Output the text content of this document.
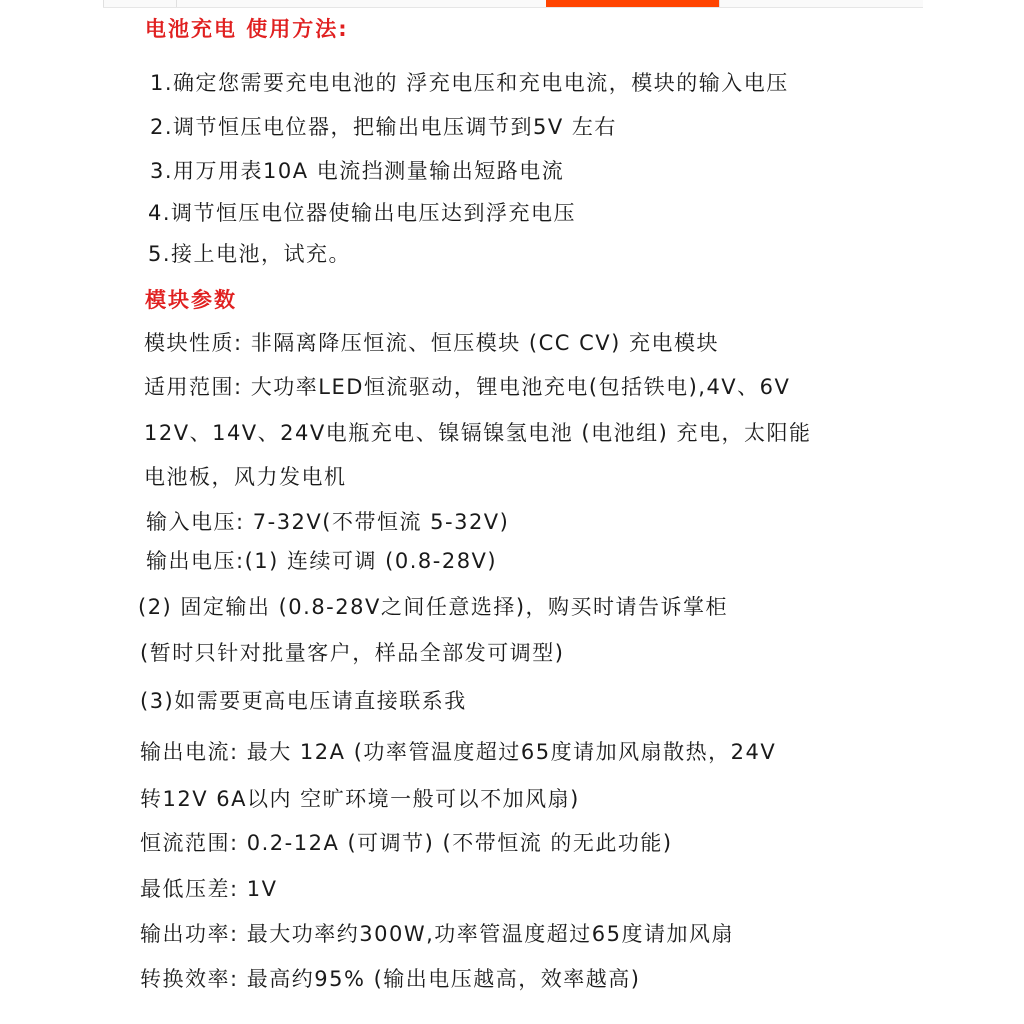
电池充电 使用方法:
1.确定您需要充电电池的 浮充电压和充电电流，模块的输入电压
2.调节恒压电位器，把输出电压调节到5V 左右
3.用万用表10A 电流挡测量输出短路电流
4.调节恒压电位器使输出电压达到浮充电压
5.接上电池，试充。
模块参数
模块性质: 非隔离降压恒流、恒压模块 (CC CV) 充电模块
适用范围: 大功率LED恒流驱动，锂电池充电(包括铁电),4V、6V
12V、14V、24V电瓶充电、镍镉镍氢电池 (电池组) 充电，太阳能
电池板，风力发电机
输入电压: 7-32V(不带恒流 5-32V)
输出电压:(1) 连续可调 (0.8-28V)
(2) 固定输出 (0.8-28V之间任意选择)，购买时请告诉掌柜
(暂时只针对批量客户，样品全部发可调型)
(3)如需要更高电压请直接联系我
输出电流: 最大 12A (功率管温度超过65度请加风扇散热，24V
转12V 6A以内 空旷环境一般可以不加风扇)
恒流范围: 0.2-12A (可调节) (不带恒流 的无此功能)
最低压差: 1V
输出功率: 最大功率约300W,功率管温度超过65度请加风扇
转换效率: 最高约95% (输出电压越高，效率越高)
